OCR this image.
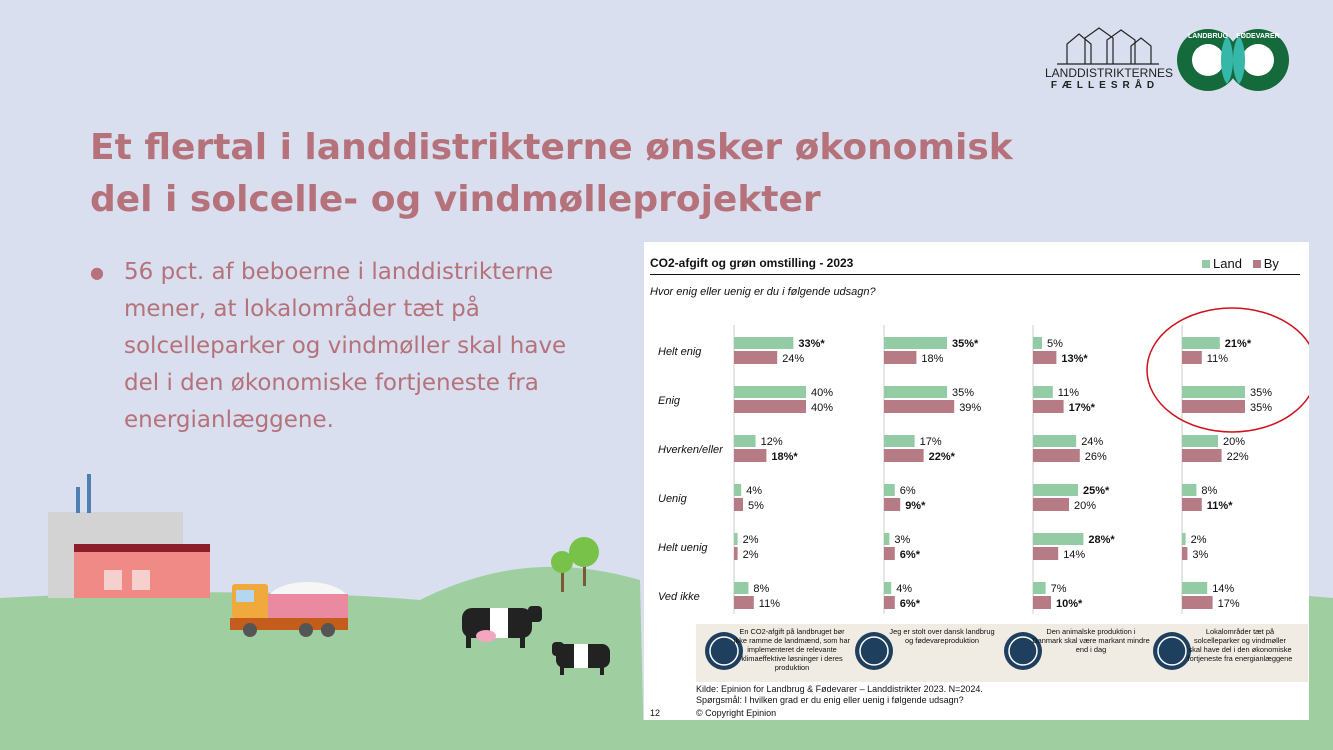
LANDDISTRIKTERNES
FÆLLESRÅD
LANDBRUG FØDEVARER
Et flertal i landdistrikterne ønsker økonomisk del i solcelle- og vindmølleprojekter
● 56 pct. af beboerne i landdistrikterne mener, at lokalområder tæt på solcelleparker og vindmøller skal have del i den økonomiske fortjeneste fra energianlæggene.
CO2-afgift og grøn omstilling - 2023	Land By
Hvor enig eller uenig er du i følgende udsagn?
Helt enig
Enig
Hverken/eller
Uenig
Helt uenig
Ved ikke
33%*
24%
40%
40%
12%
18%*
4%
5%
2%
2%
8%
11%
En CO2-afgift på landbruget bør ikke ramme de landmænd, som har implementeret de relevante klimaeffektive løsninger i deres produktion
35%*
18%
35%
39%
17%
22%*
6%
9%*
3%
6%*
4%
6%*
Jeg er stolt over dansk landbrug og fødevareproduktion
5%
13%*
11%
17%*
24%
26%
25%*
20%
28%*
14%
7%
10%*
Den animalske produktion i Danmark skal være markant mindre end i dag
21%*
11%
35%
35%
20%
22%
8%
11%*
2%
3%
14%
17%
Lokalområder tæt på solcelleparker og vindmøller skal have del i den økonomiske fortjeneste fra energianlæggene
Kilde: Epinion for Landbrug & Fødevarer – Landdistrikter 2023. N=2024.
Spørgsmål: I hvilken grad er du enig eller uenig i følgende udsagn?
12	© Copyright Epinion
